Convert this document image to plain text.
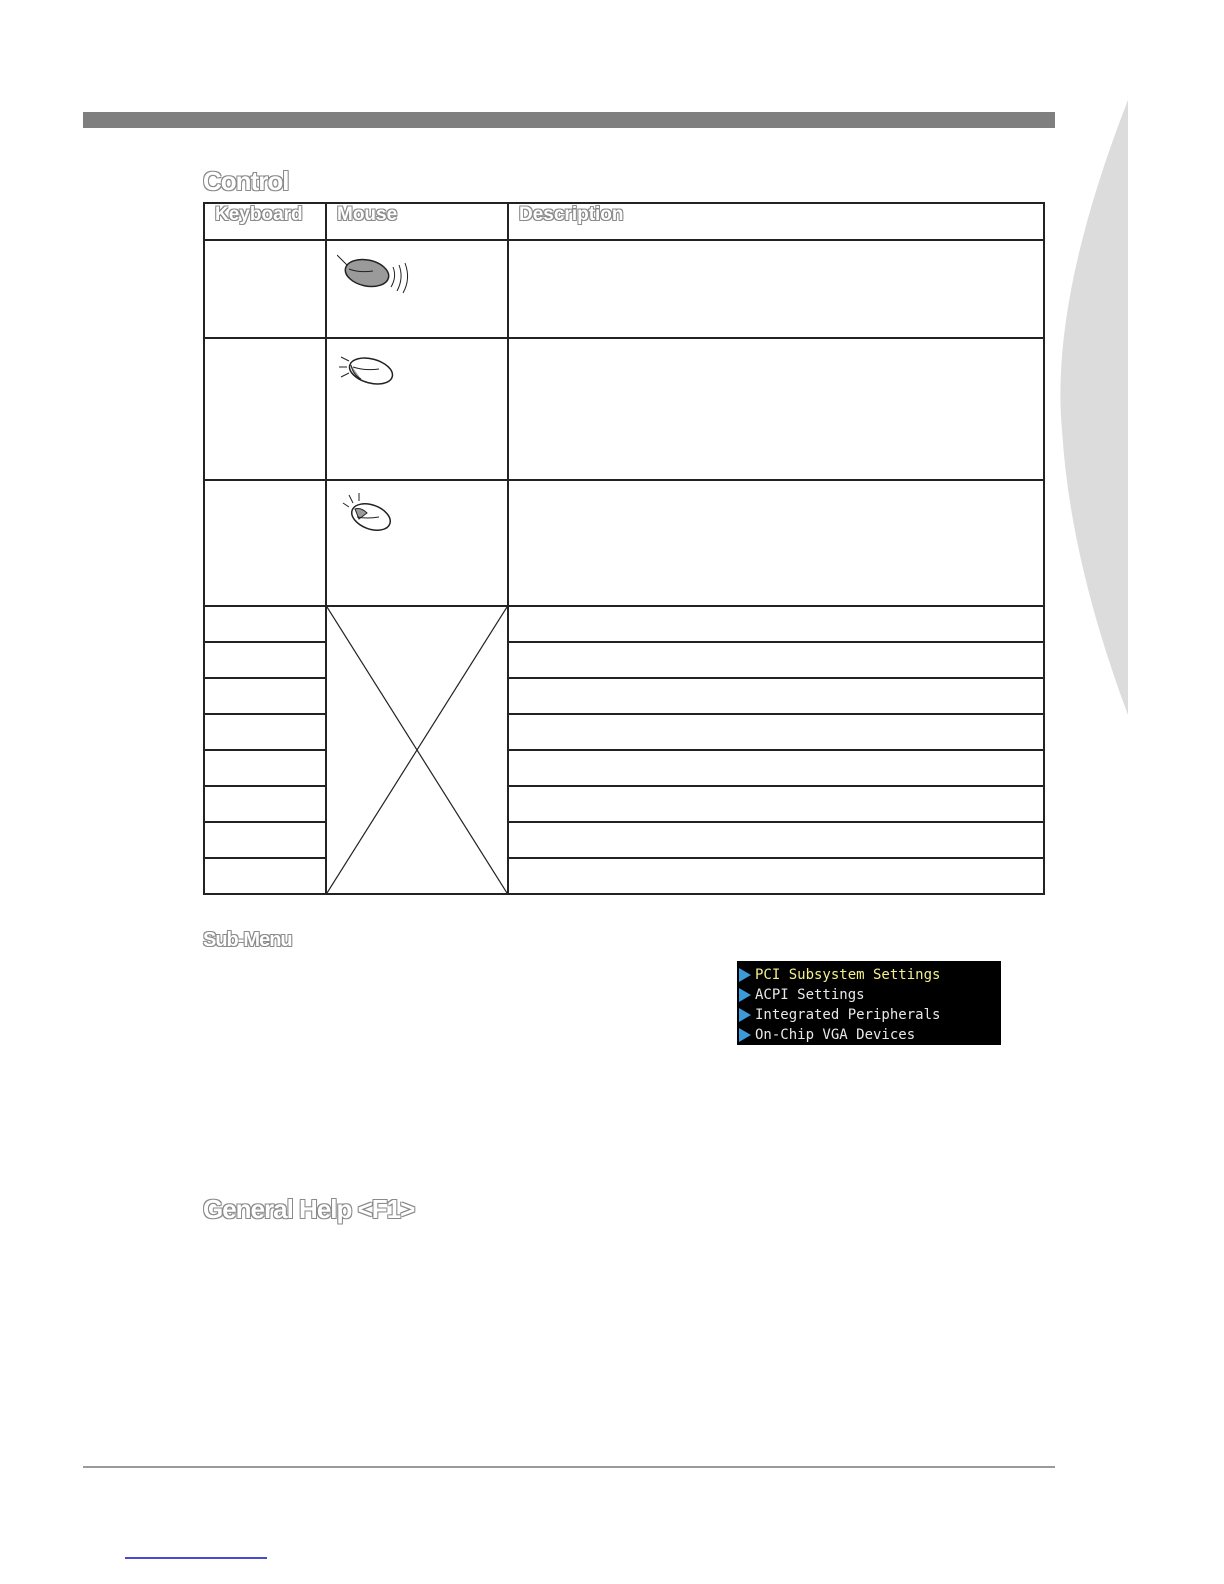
Control
Keyboard	Mouse	Description

Sub-Menu
PCI Subsystem Settings
ACPI Settings
Integrated Peripherals
On-Chip VGA Devices
General Help <F1>
